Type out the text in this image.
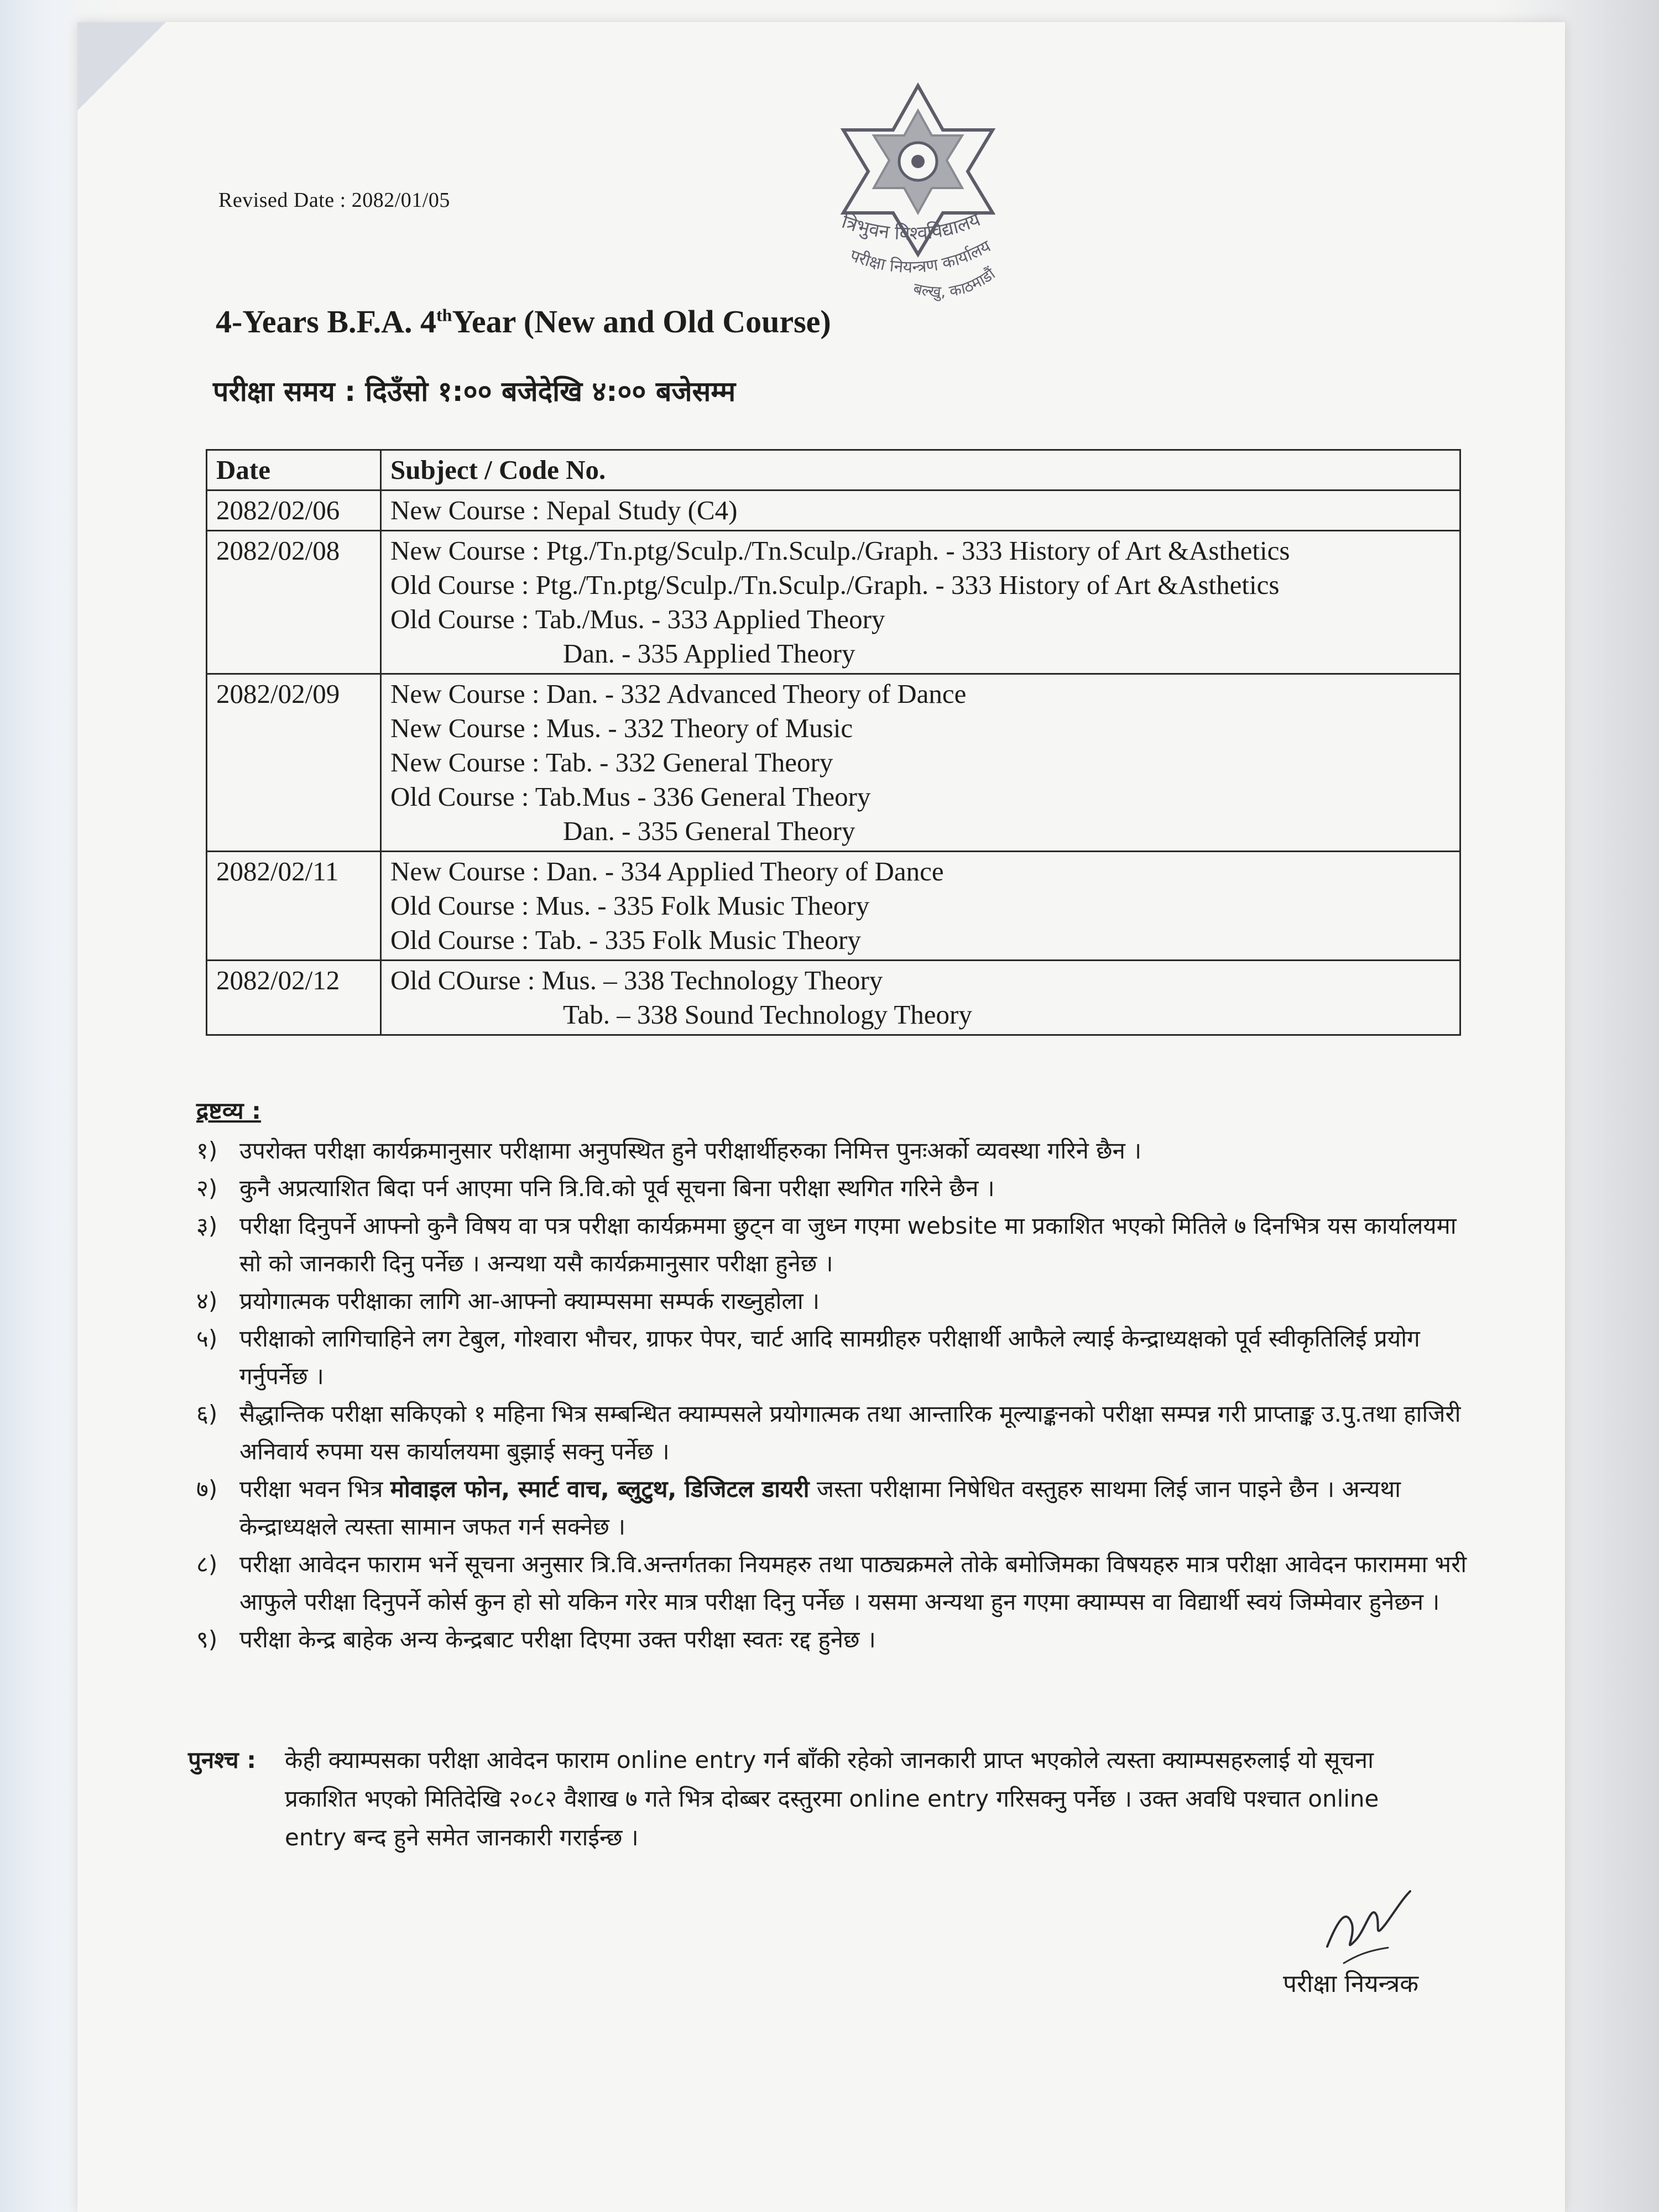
Revised Date : 2082/01/05
त्रिभुवन विश्वविद्यालय
परीक्षा नियन्त्रण कार्यालय
बल्खु, काठमाडौं
4-Years B.F.A. 4thYear (New and Old Course)
परीक्षा समय : दिउँसो १:०० बजेदेखि ४:०० बजेसम्म
Date	Subject / Code No.
2082/02/06	New Course : Nepal Study (C4)

2082/02/08	New Course : Ptg./Tn.ptg/Sculp./Tn.Sculp./Graph. - 333 History of Art &Asthetics
Old Course : Ptg./Tn.ptg/Sculp./Tn.Sculp./Graph. - 333 History of Art &Asthetics
Old Course : Tab./Mus. - 333 Applied Theory
Dan. - 335 Applied Theory

2082/02/09	New Course : Dan. - 332 Advanced Theory of Dance
New Course : Mus. - 332 Theory of Music
New Course : Tab. - 332 General Theory
Old Course : Tab.Mus - 336 General Theory
Dan. - 335 General Theory

2082/02/11	New Course : Dan. - 334 Applied Theory of Dance
Old Course : Mus. - 335 Folk Music Theory
Old Course : Tab. - 335 Folk Music Theory

2082/02/12	Old COurse : Mus. – 338 Technology Theory
Tab. – 338 Sound Technology Theory
द्रष्टव्य :
१) उपरोक्त परीक्षा कार्यक्रमानुसार परीक्षामा अनुपस्थित हुने परीक्षार्थीहरुका निमित्त पुनःअर्को व्यवस्था गरिने छैन ।
२) कुनै अप्रत्याशित बिदा पर्न आएमा पनि त्रि.वि.को पूर्व सूचना बिना परीक्षा स्थगित गरिने छैन ।
३) परीक्षा दिनुपर्ने आफ्नो कुनै विषय वा पत्र परीक्षा कार्यक्रममा छुट्न वा जुध्न गएमा website मा प्रकाशित भएको मितिले ७ दिनभित्र यस कार्यालयमा सो को जानकारी दिनु पर्नेछ । अन्यथा यसै कार्यक्रमानुसार परीक्षा हुनेछ ।
४) प्रयोगात्मक परीक्षाका लागि आ-आफ्नो क्याम्पसमा सम्पर्क राख्नुहोला ।
५) परीक्षाको लागिचाहिने लग टेबुल, गोश्वारा भौचर, ग्राफर पेपर, चार्ट आदि सामग्रीहरु परीक्षार्थी आफैले ल्याई केन्द्राध्यक्षको पूर्व स्वीकृतिलिई प्रयोग गर्नुपर्नेछ ।
६) सैद्धान्तिक परीक्षा सकिएको १ महिना भित्र सम्बन्धित क्याम्पसले प्रयोगात्मक तथा आन्तारिक मूल्याङ्कनको परीक्षा सम्पन्न गरी प्राप्ताङ्क उ.पु.तथा हाजिरी अनिवार्य रुपमा यस कार्यालयमा बुझाई सक्नु पर्नेछ ।
७) परीक्षा भवन भित्र मोवाइल फोन, स्मार्ट वाच, ब्लुटुथ, डिजिटल डायरी जस्ता परीक्षामा निषेधित वस्तुहरु साथमा लिई जान पाइने छैन । अन्यथा केन्द्राध्यक्षले त्यस्ता सामान जफत गर्न सक्नेछ ।
८) परीक्षा आवेदन फाराम भर्ने सूचना अनुसार त्रि.वि.अन्तर्गतका नियमहरु तथा पाठ्यक्रमले तोके बमोजिमका विषयहरु मात्र परीक्षा आवेदन फाराममा भरी आफुले परीक्षा दिनुपर्ने कोर्स कुन हो सो यकिन गरेर मात्र परीक्षा दिनु पर्नेछ । यसमा अन्यथा हुन गएमा क्याम्पस वा विद्यार्थी स्वयं जिम्मेवार हुनेछन ।
९) परीक्षा केन्द्र बाहेक अन्य केन्द्रबाट परीक्षा दिएमा उक्त परीक्षा स्वतः रद्द हुनेछ ।
पुनश्च :	केही क्याम्पसका परीक्षा आवेदन फाराम online entry गर्न बाँकी रहेको जानकारी प्राप्त भएकोले त्यस्ता क्याम्पसहरुलाई यो सूचना प्रकाशित भएको मितिदेखि २०८२ वैशाख ७ गते भित्र दोब्बर दस्तुरमा online entry गरिसक्नु पर्नेछ । उक्त अवधि पश्चात online entry बन्द हुने समेत जानकारी गराईन्छ ।
परीक्षा नियन्त्रक
